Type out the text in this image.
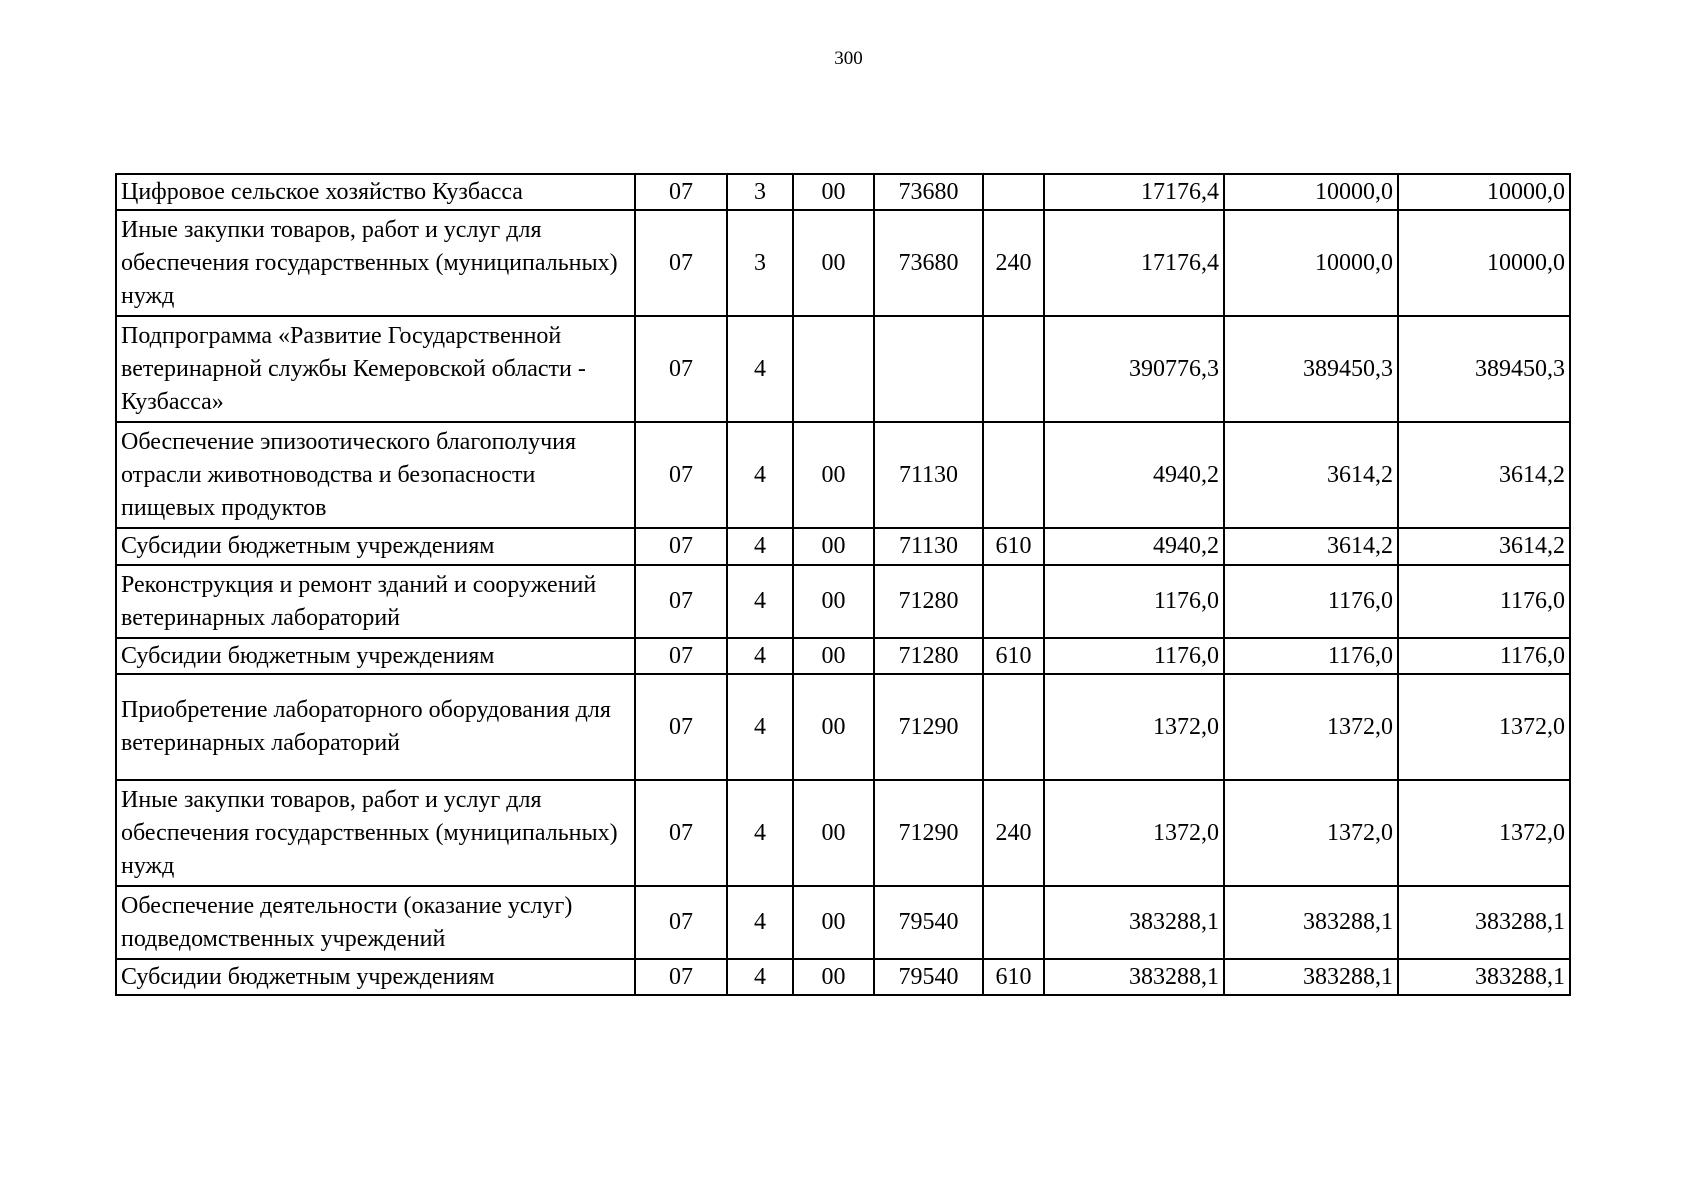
300
Цифровое сельское хозяйство Кузбасса	07	3	00	73680		17176,4	10000,0	10000,0
Иные закупки товаров, работ и услуг для обеспечения государственных (муниципальных) нужд	07	3	00	73680	240	17176,4	10000,0	10000,0
Подпрограмма «Развитие Государственной ветеринарной службы Кемеровской области - Кузбасса»	07	4				390776,3	389450,3	389450,3
Обеспечение эпизоотического благополучия отрасли животноводства и безопасности пищевых продуктов	07	4	00	71130		4940,2	3614,2	3614,2
Субсидии бюджетным учреждениям	07	4	00	71130	610	4940,2	3614,2	3614,2
Реконструкция и ремонт зданий и сооружений ветеринарных лабораторий	07	4	00	71280		1176,0	1176,0	1176,0
Субсидии бюджетным учреждениям	07	4	00	71280	610	1176,0	1176,0	1176,0
Приобретение лабораторного оборудования для ветеринарных лабораторий	07	4	00	71290		1372,0	1372,0	1372,0
Иные закупки товаров, работ и услуг для обеспечения государственных (муниципальных) нужд	07	4	00	71290	240	1372,0	1372,0	1372,0
Обеспечение деятельности (оказание услуг) подведомственных учреждений	07	4	00	79540		383288,1	383288,1	383288,1
Субсидии бюджетным учреждениям	07	4	00	79540	610	383288,1	383288,1	383288,1
